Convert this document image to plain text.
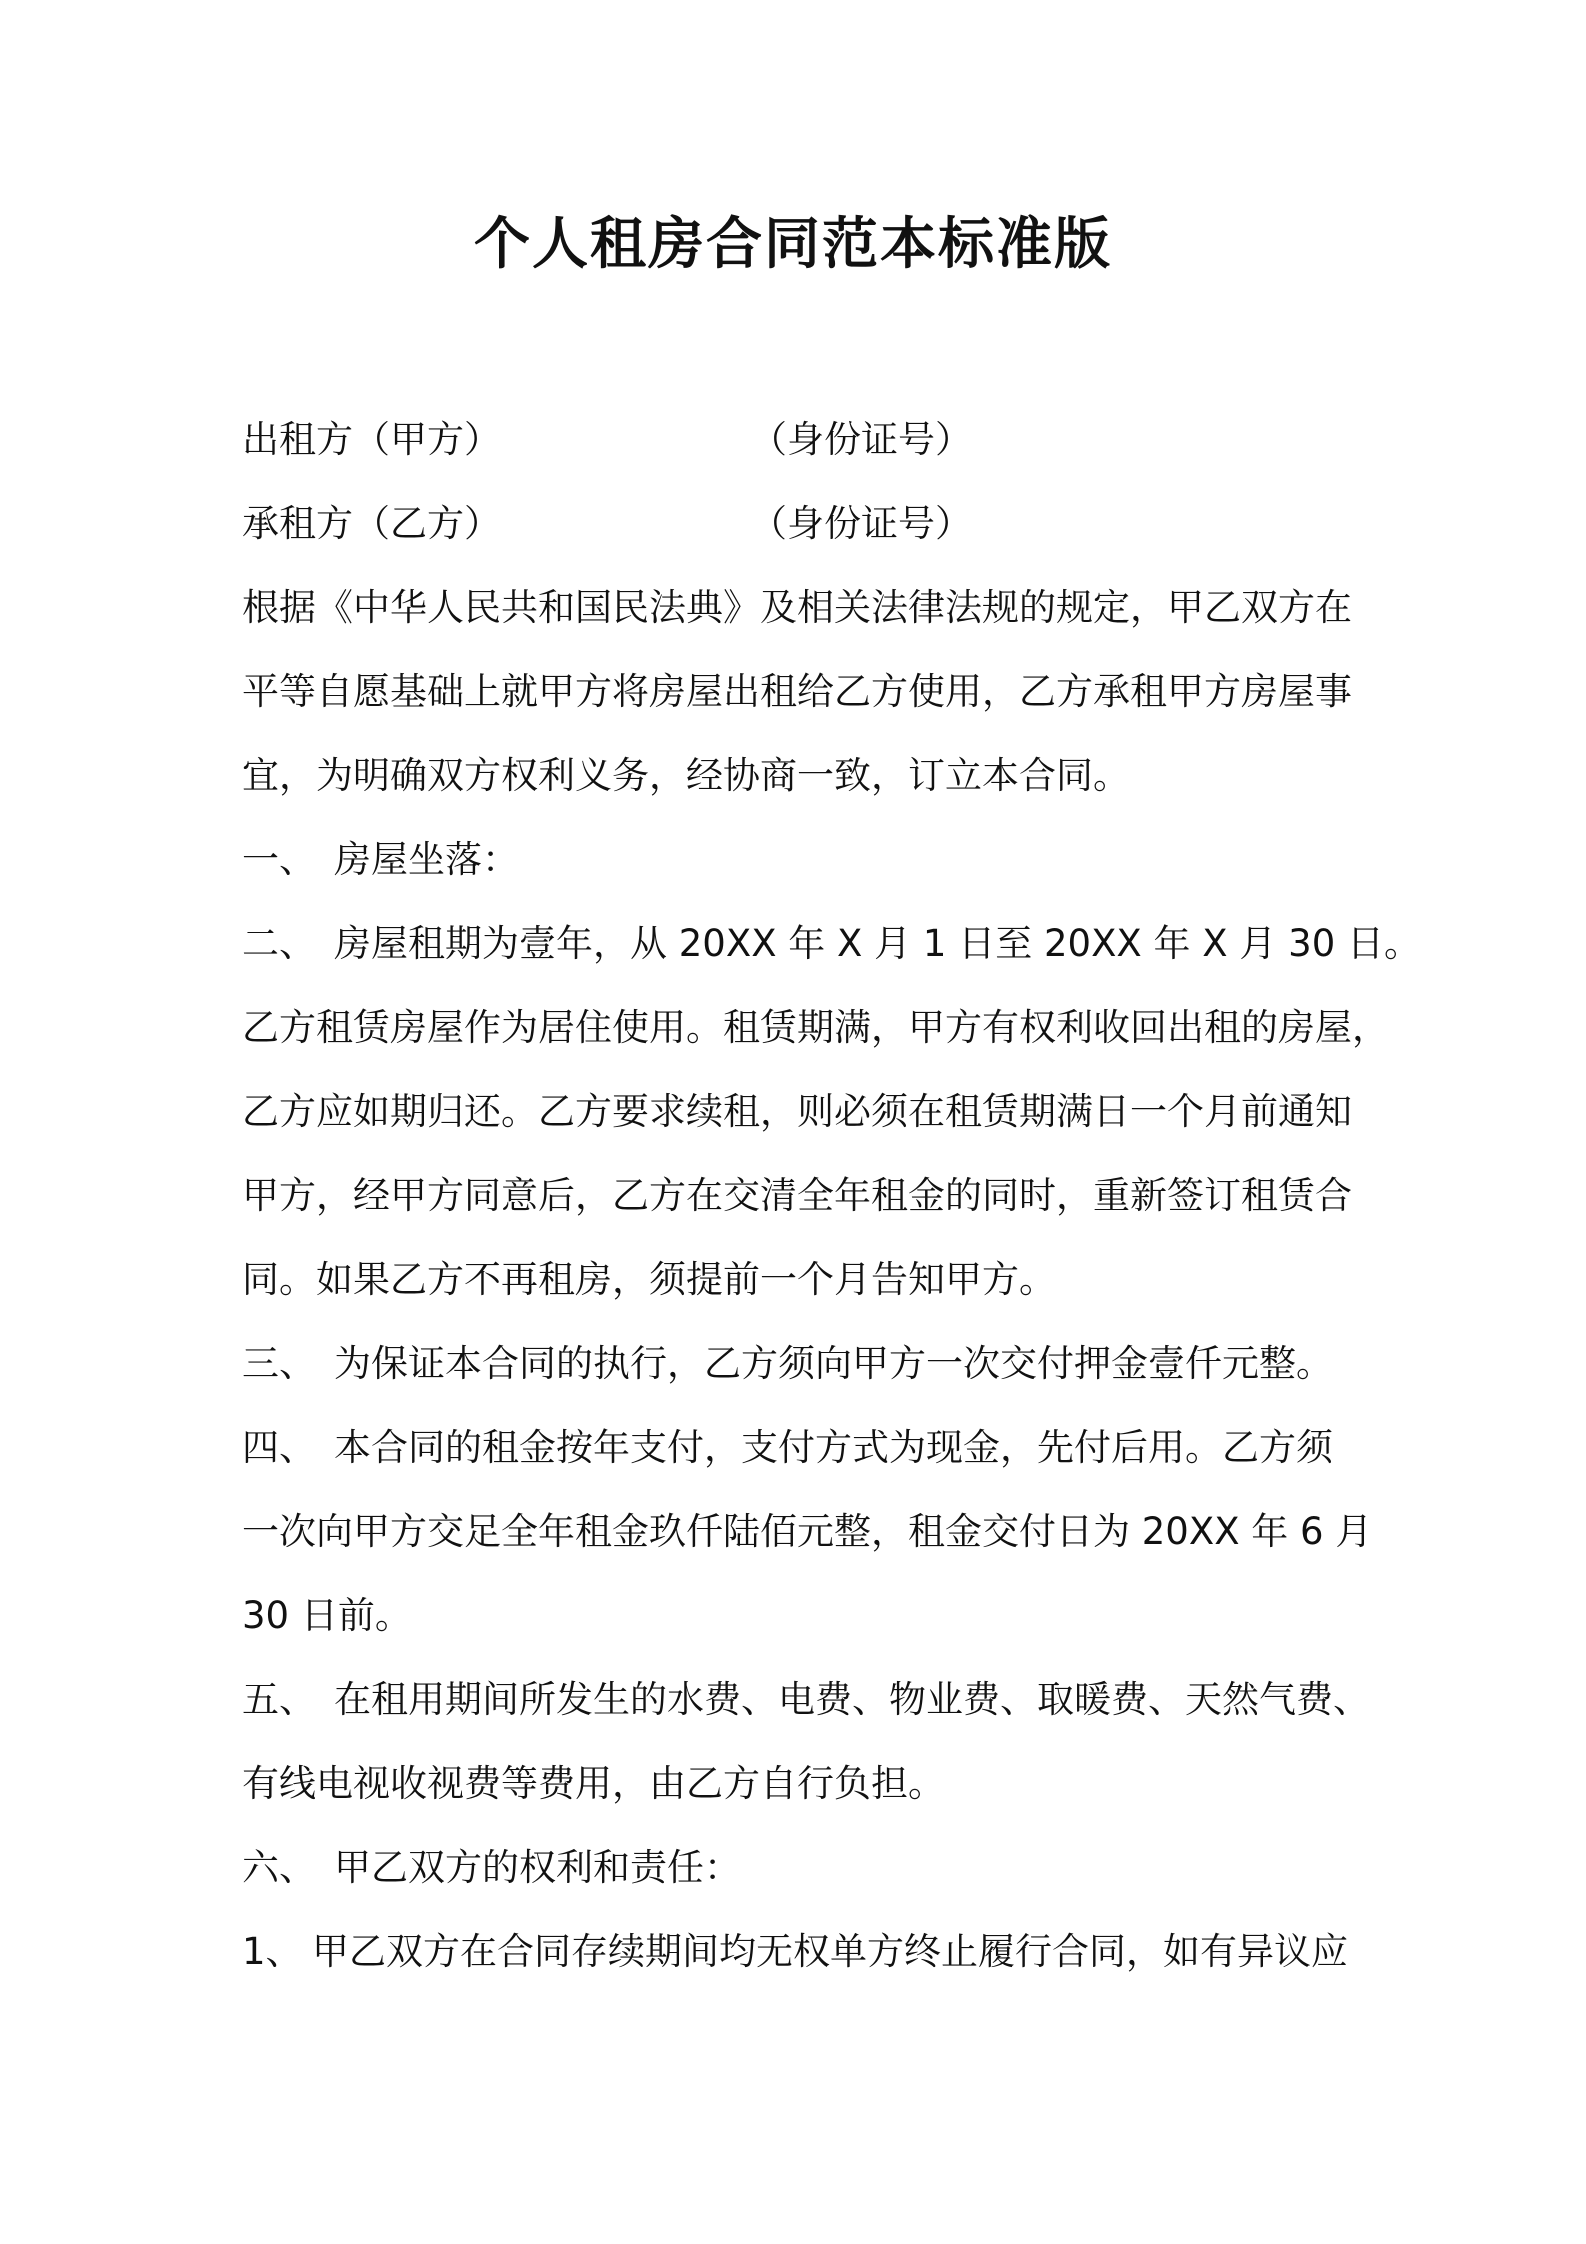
个人租房合同范本标准版
出租方（甲方）	（身份证号）
承租方（乙方）	（身份证号）
根据《中华人民共和国民法典》及相关法律法规的规定，甲乙双方在
平等自愿基础上就甲方将房屋出租给乙方使用，乙方承租甲方房屋事
宜，为明确双方权利义务，经协商一致，订立本合同。
一、 房屋坐落：
二、 房屋租期为壹年，从 20XX 年 X 月 1 日至 20XX 年 X 月 30 日。
乙方租赁房屋作为居住使用。租赁期满，甲方有权利收回出租的房屋，
乙方应如期归还。乙方要求续租，则必须在租赁期满日一个月前通知
甲方，经甲方同意后，乙方在交清全年租金的同时，重新签订租赁合
同。如果乙方不再租房，须提前一个月告知甲方。
三、 为保证本合同的执行，乙方须向甲方一次交付押金壹仟元整。
四、 本合同的租金按年支付，支付方式为现金，先付后用。乙方须
一次向甲方交足全年租金玖仟陆佰元整，租金交付日为 20XX 年 6 月
30 日前。
五、 在租用期间所发生的水费、电费、物业费、取暖费、天然气费、
有线电视收视费等费用，由乙方自行负担。
六、 甲乙双方的权利和责任：
1、 甲乙双方在合同存续期间均无权单方终止履行合同，如有异议应
